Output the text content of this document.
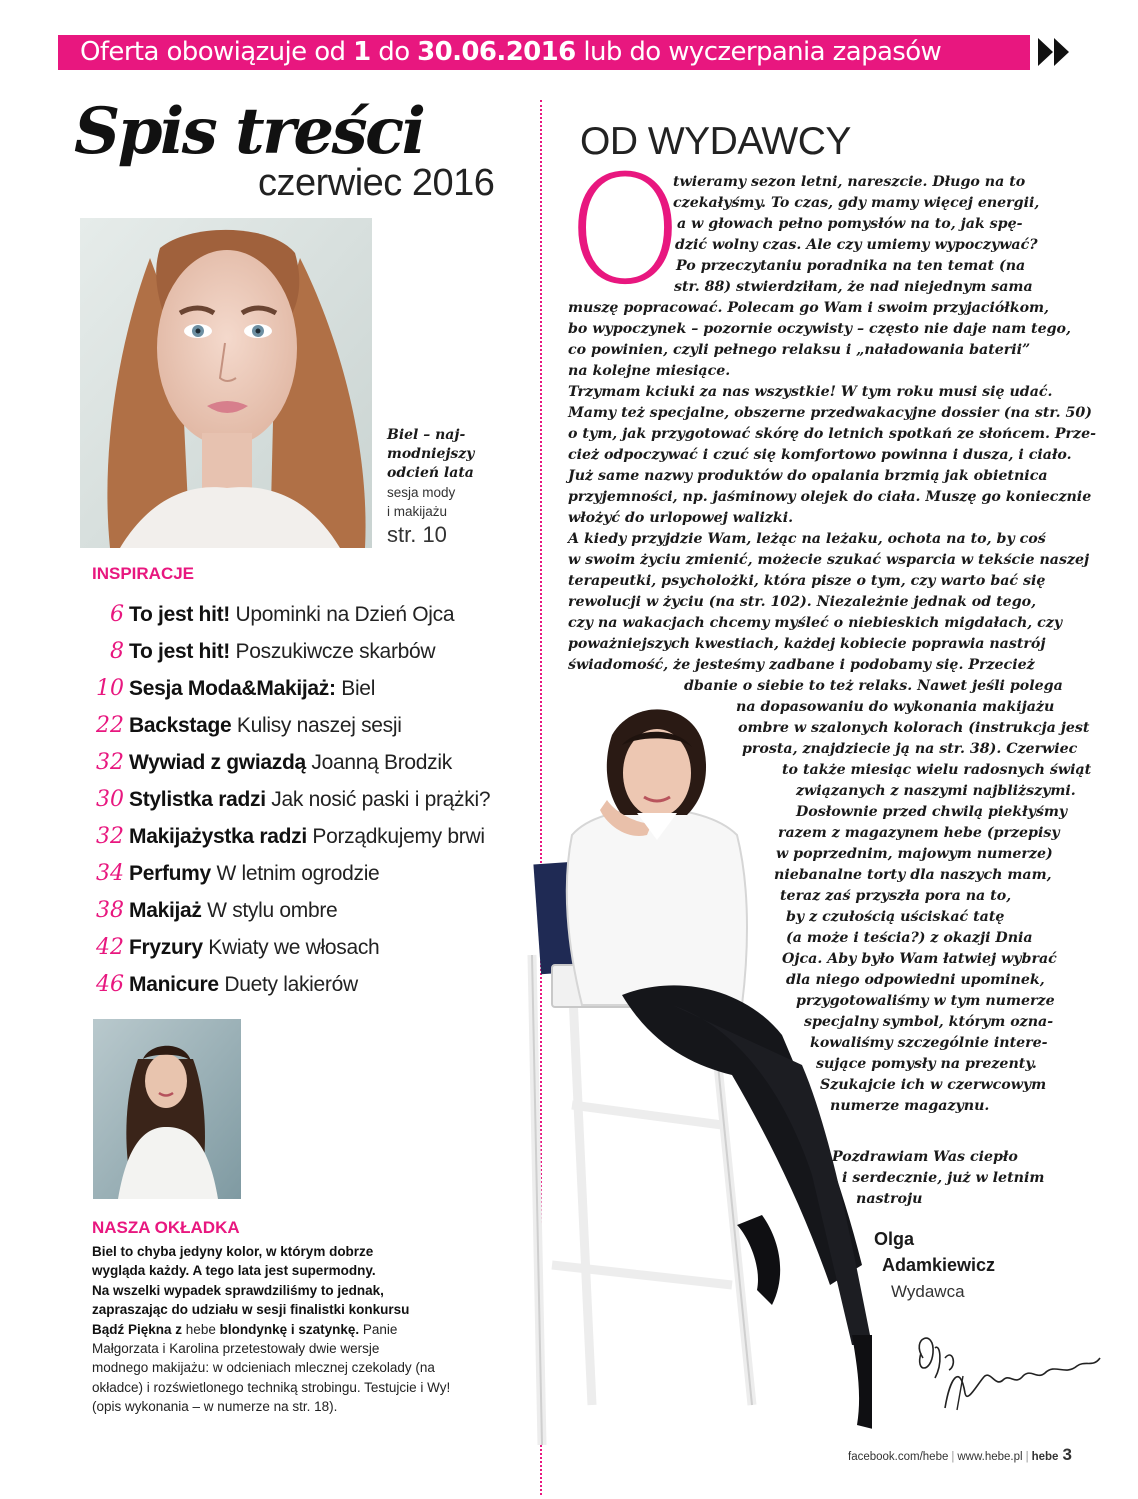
Oferta obowiązuje od 1 do 30.06.2016 lub do wyczerpania zapasów
Spis treści
czerwiec 2016
Biel – naj-
modniejszy
odcień lata
sesja mody
i makijażu
str. 10
INSPIRACJE
6 To jest hit! Upominki na Dzień Ojca
8 To jest hit! Poszukiwcze skarbów
10 Sesja Moda&Makijaż: Biel
22 Backstage Kulisy naszej sesji
32 Wywiad z gwiazdą Joanną Brodzik
30 Stylistka radzi Jak nosić paski i prążki?
32 Makijażystka radzi Porządkujemy brwi
34 Perfumy W letnim ogrodzie
38 Makijaż W stylu ombre
42 Fryzury Kwiaty we włosach
46 Manicure Duety lakierów
NASZA OKŁADKA
Biel to chyba jedyny kolor, w którym dobrze
wygląda każdy. A tego lata jest supermodny.
Na wszelki wypadek sprawdziliśmy to jednak,
zapraszając do udziału w sesji finalistki konkursu
Bądź Piękna z hebe blondynkę i szatynkę. Panie
Małgorzata i Karolina przetestowały dwie wersje
modnego makijażu: w odcieniach mlecznej czekolady (na
okładce) i rozświetlonego techniką strobingu. Testujcie i Wy!
(opis wykonania – w numerze na str. 18).
OD WYDAWCY
O
twieramy sezon letni, nareszcie. Długo na to
czekałyśmy. To czas, gdy mamy więcej energii,
a w głowach pełno pomysłów na to, jak spę-
dzić wolny czas. Ale czy umiemy wypoczywać?
Po przeczytaniu poradnika na ten temat (na
str. 88) stwierdziłam, że nad niejednym sama
muszę popracować. Polecam go Wam i swoim przyjaciółkom,
bo wypoczynek – pozornie oczywisty – często nie daje nam tego,
co powinien, czyli pełnego relaksu i „naładowania baterii”
na kolejne miesiące.
Trzymam kciuki za nas wszystkie! W tym roku musi się udać.
Mamy też specjalne, obszerne przedwakacyjne dossier (na str. 50)
o tym, jak przygotować skórę do letnich spotkań ze słońcem. Prze-
cież odpoczywać i czuć się komfortowo powinna i dusza, i ciało.
Już same nazwy produktów do opalania brzmią jak obietnica
przyjemności, np. jaśminowy olejek do ciała. Muszę go koniecznie
włożyć do urlopowej walizki.
A kiedy przyjdzie Wam, leżąc na leżaku, ochota na to, by coś
w swoim życiu zmienić, możecie szukać wsparcia w tekście naszej
terapeutki, psycholożki, która pisze o tym, czy warto bać się
rewolucji w życiu (na str. 102). Niezależnie jednak od tego,
czy na wakacjach chcemy myśleć o niebieskich migdałach, czy
poważniejszych kwestiach, każdej kobiecie poprawia nastrój
świadomość, że jesteśmy zadbane i podobamy się. Przecież
dbanie o siebie to też relaks. Nawet jeśli polega
na dopasowaniu do wykonania makijażu
ombre w szalonych kolorach (instrukcja jest
prosta, znajdziecie ją na str. 38). Czerwiec
to także miesiąc wielu radosnych świąt
związanych z naszymi najbliższymi.
Dosłownie przed chwilą piekłyśmy
razem z magazynem hebe (przepisy
w poprzednim, majowym numerze)
niebanalne torty dla naszych mam,
teraz zaś przyszła pora na to,
by z czułością uściskać tatę
(a może i teścia?) z okazji Dnia
Ojca. Aby było Wam łatwiej wybrać
dla niego odpowiedni upominek,
przygotowaliśmy w tym numerze
specjalny symbol, którym ozna-
kowaliśmy szczególnie intere-
sujące pomysły na prezenty.
Szukajcie ich w czerwcowym
numerze magazynu.
Pozdrawiam Was ciepło
i serdecznie, już w letnim
nastroju
Olga
Adamkiewicz
Wydawca
facebook.com/hebe | www.hebe.pl | hebe 3
